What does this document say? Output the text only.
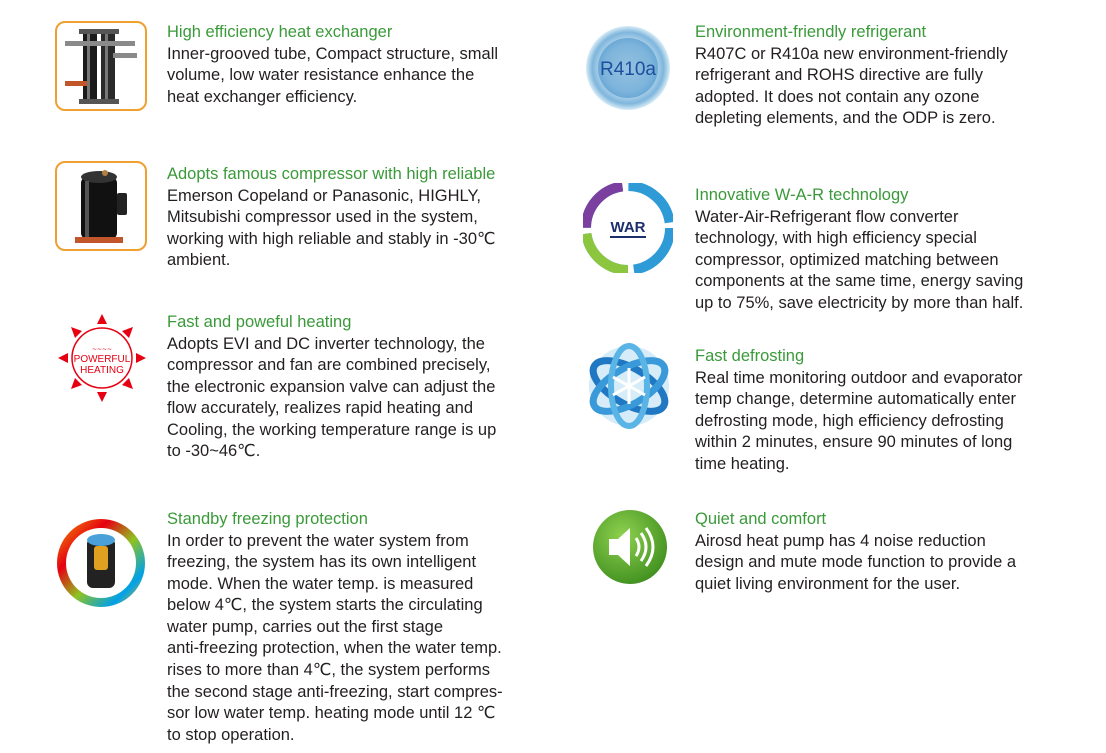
High efficiency heat exchanger

Inner-grooved tube, Compact structure, small

volume, low water resistance enhance the

heat exchanger efficiency.

Adopts famous compressor with high reliable

Emerson Copeland or Panasonic, HIGHLY,

Mitsubishi compressor used in the system,

working with high reliable and stably in -30℃

ambient.

~~~~
POWERFUL
HEATING
Fast and poweful heating

Adopts EVI and DC inverter technology, the

compressor and fan are combined precisely,

the electronic expansion valve can adjust the

flow accurately, realizes rapid heating and

Cooling, the working temperature range is up

to -30~46℃.

Standby freezing protection

In order to prevent the water system from

freezing, the system has its own intelligent

mode. When the water temp. is measured

below 4℃, the system starts the circulating

water pump, carries out the first stage

anti-freezing protection, when the water temp.

rises to more than 4℃, the system performs

the second stage anti-freezing, start compres-

sor low water temp. heating mode until 12 ℃

to stop operation.

R410a
Environment-friendly refrigerant

R407C or R410a new environment-friendly

refrigerant and ROHS directive are fully

adopted. It does not contain any ozone

depleting elements, and the ODP is zero.

WAR
Innovative W-A-R technology

Water-Air-Refrigerant flow converter

technology, with high efficiency special

compressor, optimized matching between

components at the same time, energy saving

up to 75%, save electricity by more than half.

Fast defrosting

Real time monitoring outdoor and evaporator

temp change, determine automatically enter

defrosting mode, high efficiency defrosting

within 2 minutes, ensure 90 minutes of long

time heating.

Quiet and comfort

Airosd heat pump has 4 noise reduction

design and mute mode function to provide a

quiet living environment for the user.
